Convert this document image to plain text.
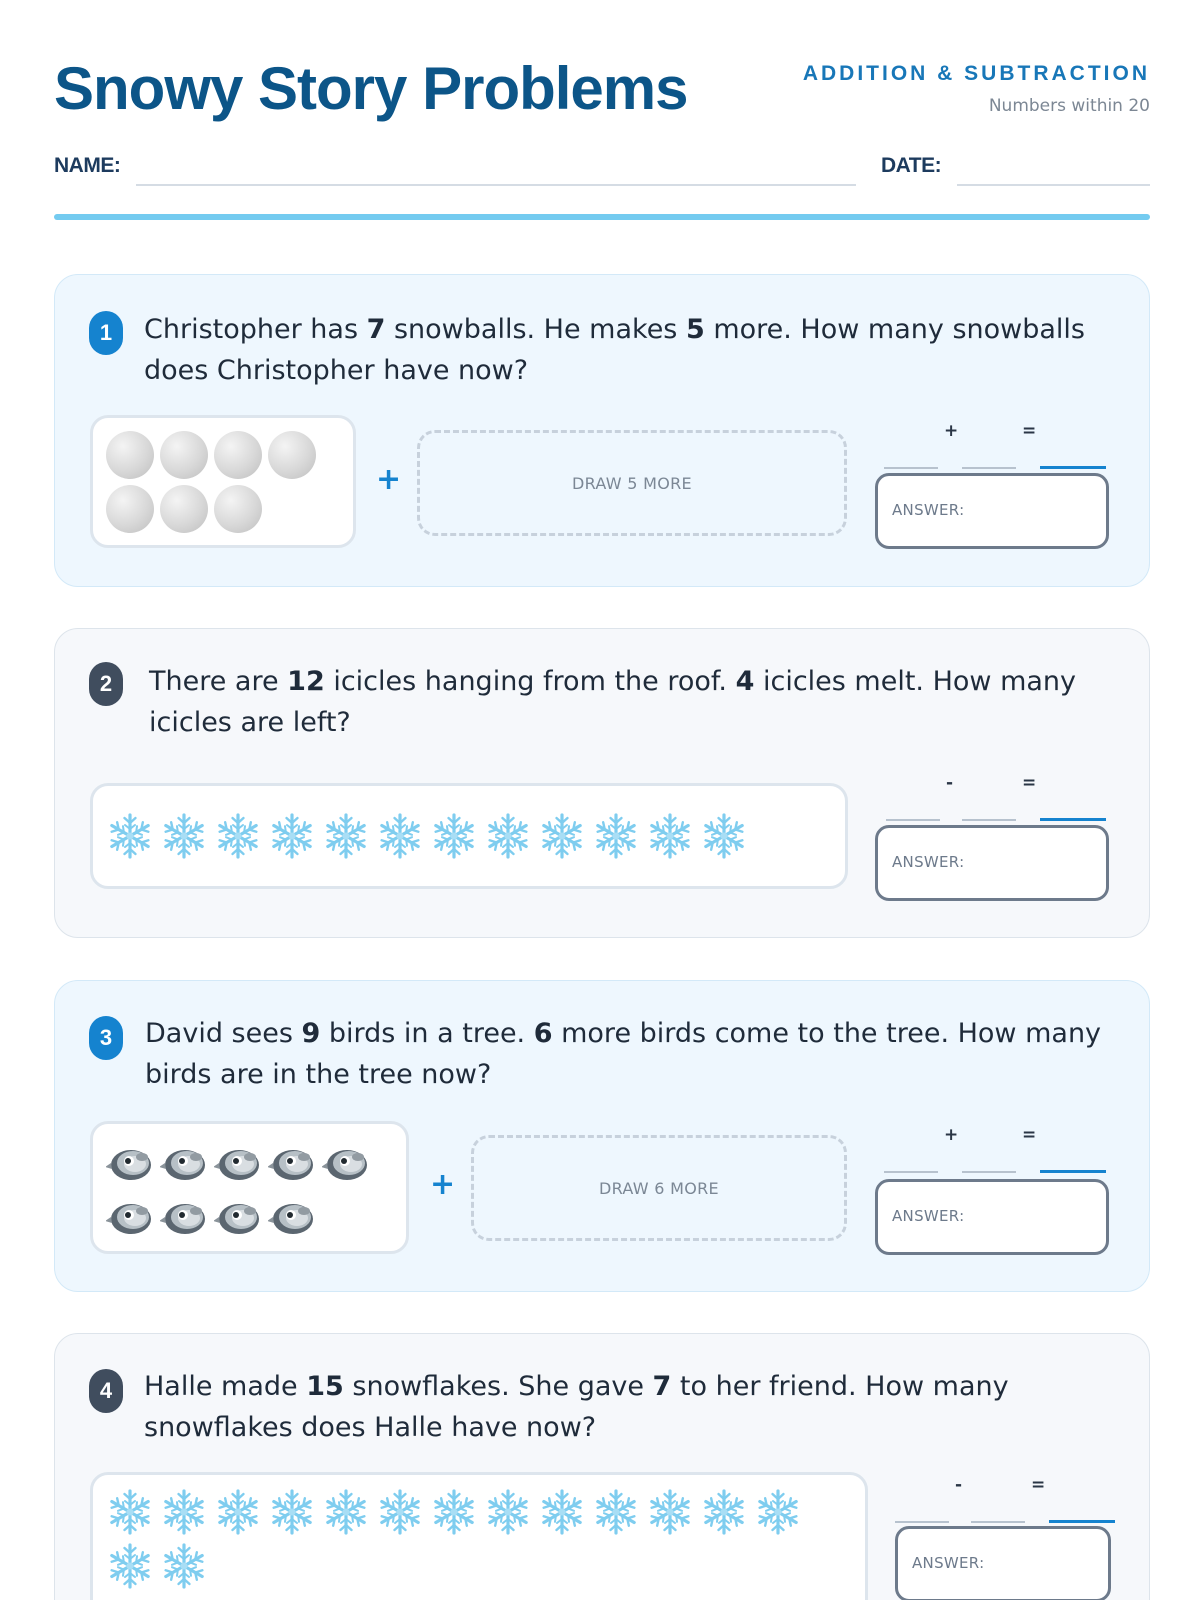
Snowy Story Problems	ADDITION & SUBTRACTION
Numbers within 20
NAME:	DATE:
1	Christopher has 7 snowballs. He makes 5 more. How many snowballs does Christopher have now?
+	DRAW 5 MORE
+	=
ANSWER:
2	There are 12 icicles hanging from the roof. 4 icicles melt. How many icicles are left?
-	=
ANSWER:
3	David sees 9 birds in a tree. 6 more birds come to the tree. How many birds are in the tree now?
+	DRAW 6 MORE
+	=
ANSWER:
4	Halle made 15 snowflakes. She gave 7 to her friend. How many snowflakes does Halle have now?
-	=
ANSWER:
